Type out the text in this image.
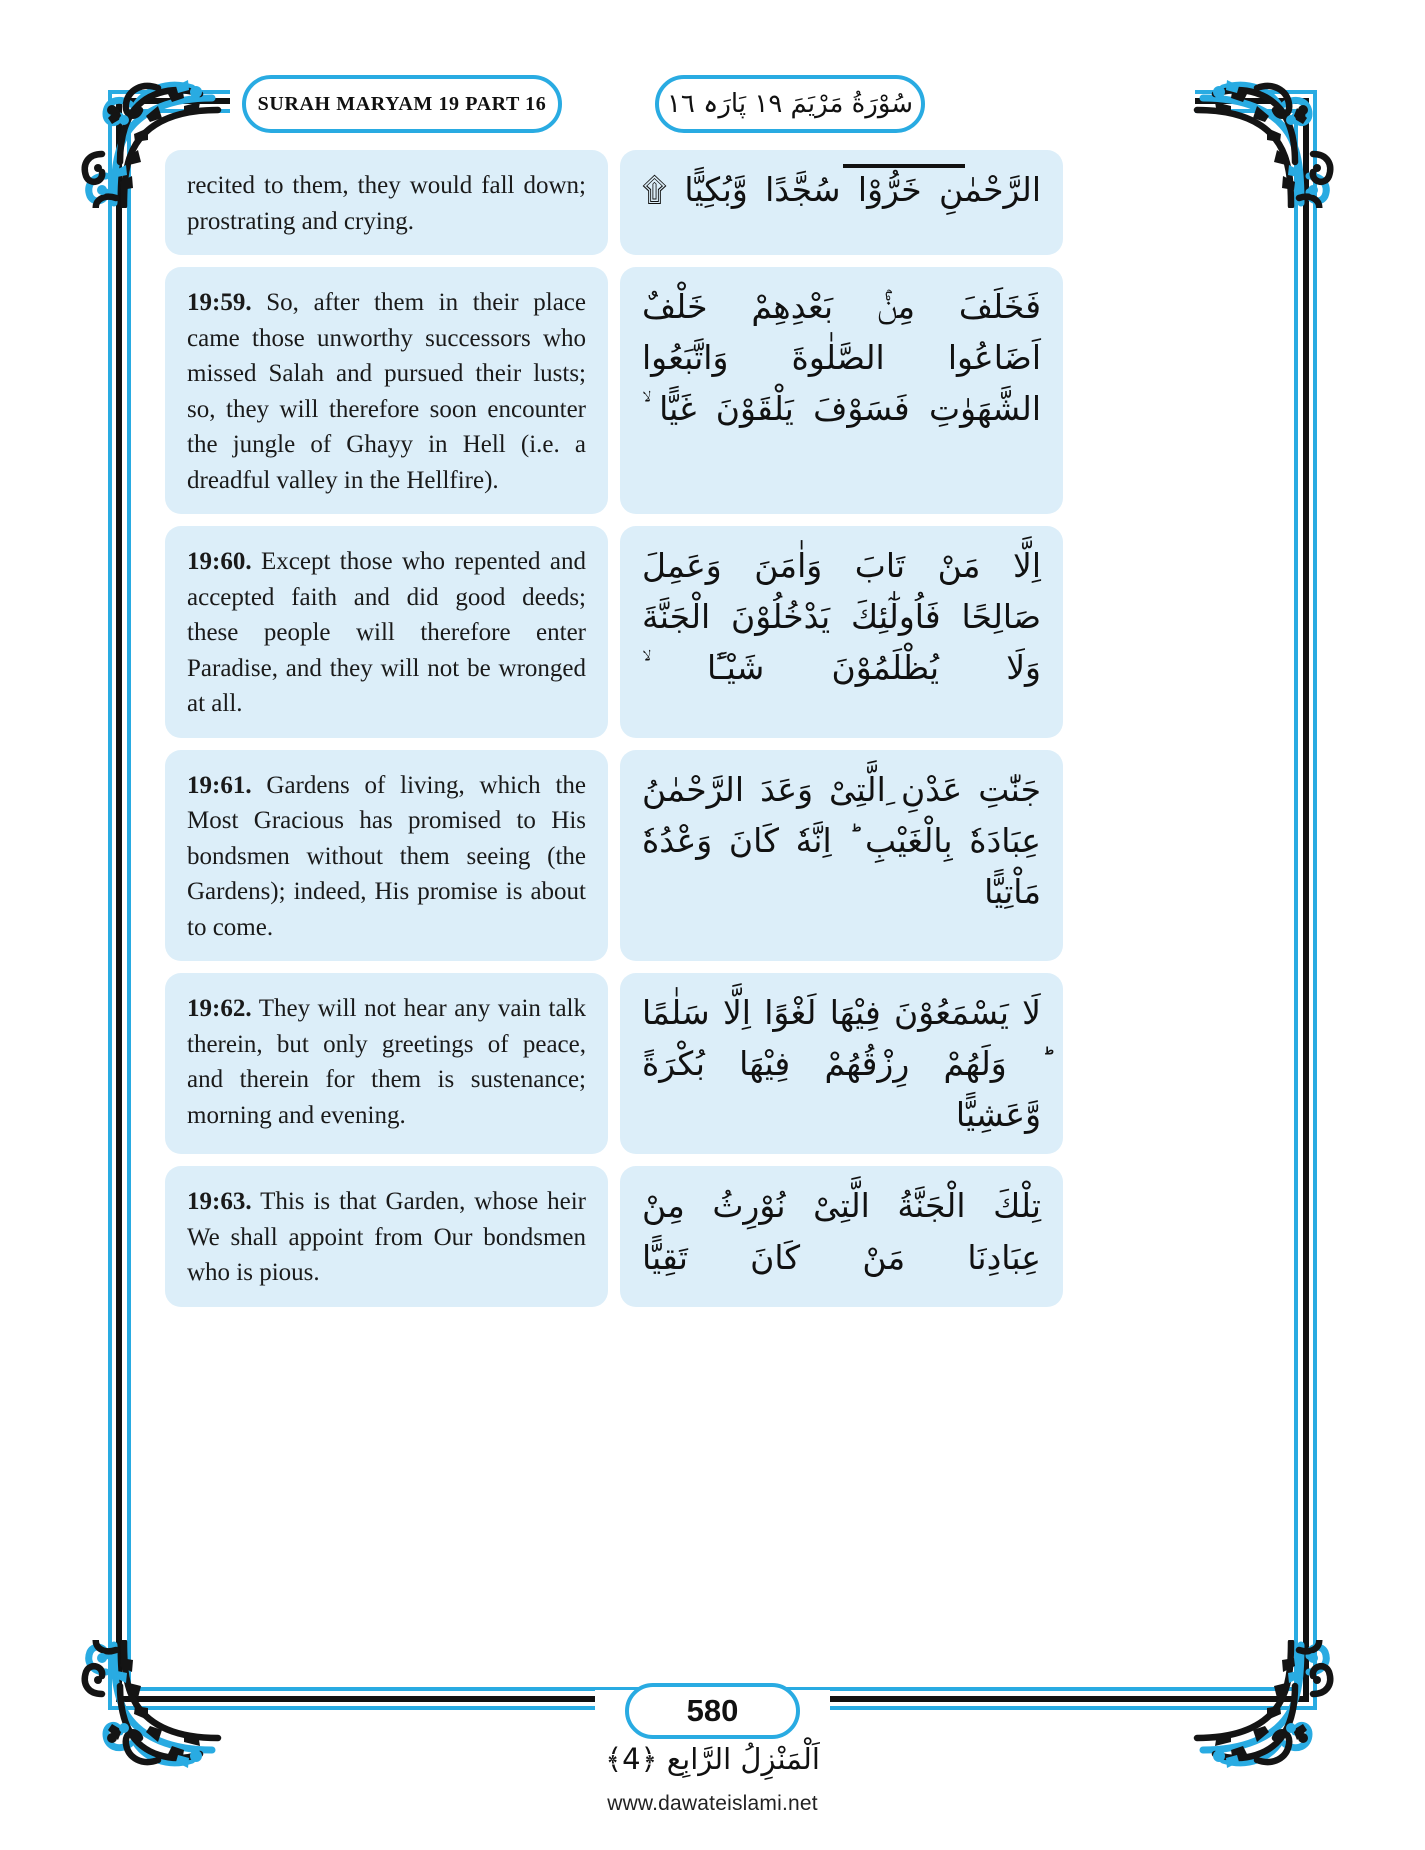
SURAH MARYAM 19 PART 16	سُوْرَةُ مَرْيَمَ ١٩ پَارَہ ١٦
recited to them, they would fall down; prostrating and crying.
الرَّحْمٰنِ خَرُّوْا سُجَّدًا وَّبُكِيًّا ۩
19:59. So, after them in their place came those unworthy successors who missed Salah and pursued their lusts; so, they will therefore soon encounter the jungle of Ghayy in Hell (i.e. a dreadful valley in the Hellfire).
فَخَلَفَ مِنْۢ بَعْدِهِمْ خَلْفٌ اَضَاعُوا الصَّلٰوةَ وَاتَّبَعُوا الشَّهَوٰتِ فَسَوْفَ يَلْقَوْنَ غَيًّا ۙ
19:60. Except those who repented and accepted faith and did good deeds; these people will therefore enter Paradise, and they will not be wronged at all.
اِلَّا مَنْ تَابَ وَاٰمَنَ وَعَمِلَ صَالِحًا فَاُولٰٓئِكَ يَدْخُلُوْنَ الْجَنَّةَ وَلَا يُظْلَمُوْنَ شَيْـًٔا ۙ
19:61. Gardens of living, which the Most Gracious has promised to His bondsmen without them seeing (the Gardens); indeed, His promise is about to come.
جَنّٰتِ عَدْنِ ِالَّتِیْ وَعَدَ الرَّحْمٰنُ عِبَادَهٗ بِالْغَيْبِ ؕ اِنَّهٗ كَانَ وَعْدُهٗ مَاْتِيًّا
19:62. They will not hear any vain talk therein, but only greetings of peace, and therein for them is sustenance; morning and evening.
لَا يَسْمَعُوْنَ فِيْهَا لَغْوًا اِلَّا سَلٰمًا ؕ وَلَهُمْ رِزْقُهُمْ فِيْهَا بُكْرَةً وَّعَشِيًّا
19:63. This is that Garden, whose heir We shall appoint from Our bondsmen who is pious.
تِلْكَ الْجَنَّةُ الَّتِیْ نُوْرِثُ مِنْ عِبَادِنَا مَنْ كَانَ تَقِيًّا
580
اَلْمَنْزِلُ الرَّابِع ﴿4﴾
www.dawateislami.net
